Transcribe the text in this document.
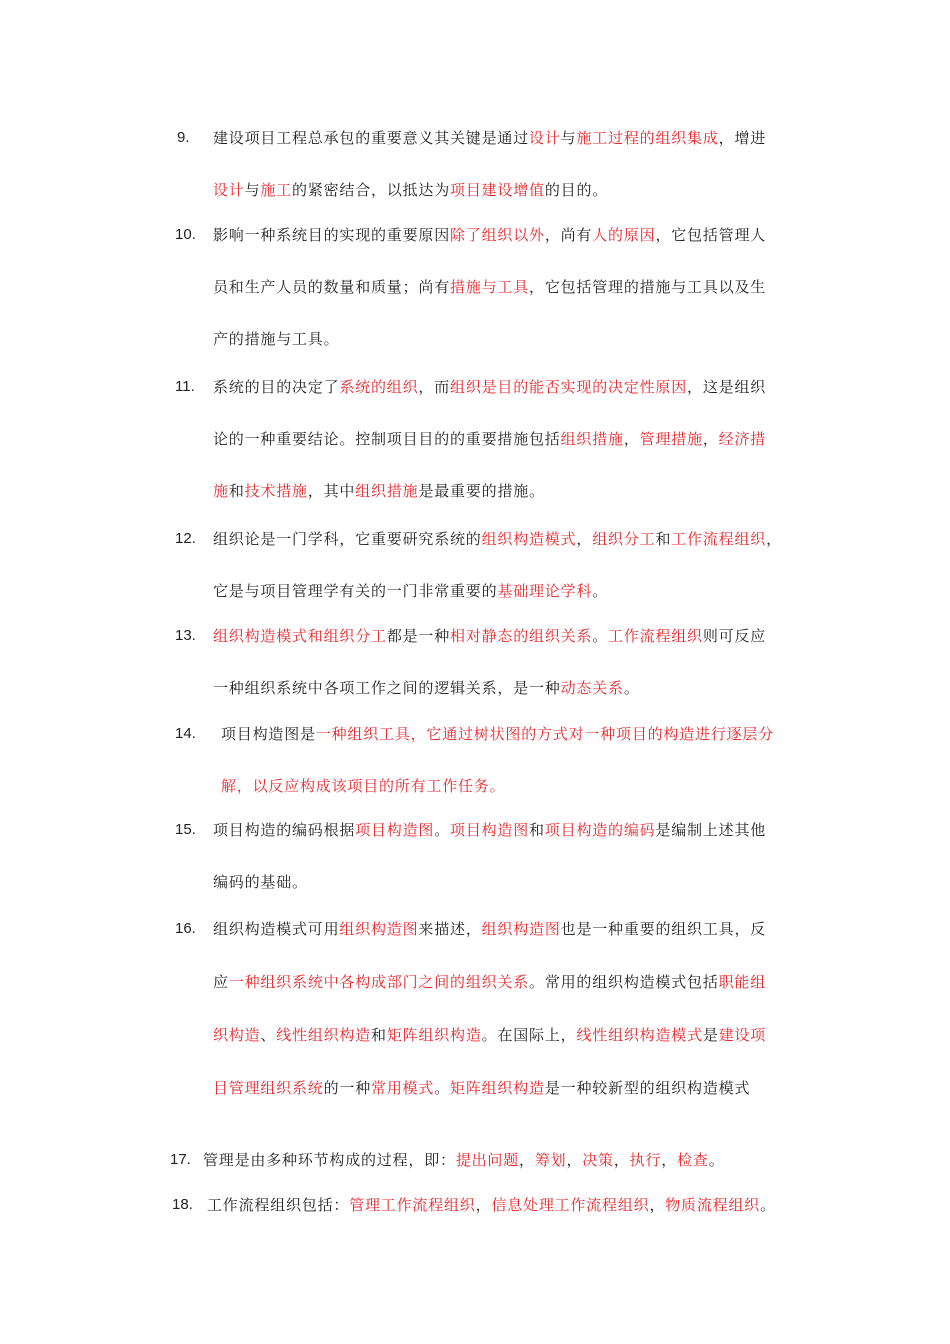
9. 建设项目工程总承包的重要意义其关键是通过设计与施工过程的组织集成，增进
设计与施工的紧密结合，以抵达为项目建设增值的目的。
10. 影响一种系统目的实现的重要原因除了组织以外，尚有人的原因，它包括管理人
员和生产人员的数量和质量；尚有措施与工具，它包括管理的措施与工具以及生
产的措施与工具。
11. 系统的目的决定了系统的组织，而组织是目的能否实现的决定性原因，这是组织
论的一种重要结论。控制项目目的的重要措施包括组织措施，管理措施，经济措
施和技术措施，其中组织措施是最重要的措施。
12. 组织论是一门学科，它重要研究系统的组织构造模式，组织分工和工作流程组织，
它是与项目管理学有关的一门非常重要的基础理论学科。
13. 组织构造模式和组织分工都是一种相对静态的组织关系。工作流程组织则可反应
一种组织系统中各项工作之间的逻辑关系，是一种动态关系。
14. 项目构造图是一种组织工具，它通过树状图的方式对一种项目的构造进行逐层分
解，以反应构成该项目的所有工作任务。
15. 项目构造的编码根据项目构造图。项目构造图和项目构造的编码是编制上述其他
编码的基础。
16. 组织构造模式可用组织构造图来描述，组织构造图也是一种重要的组织工具，反
应一种组织系统中各构成部门之间的组织关系。常用的组织构造模式包括职能组
织构造、线性组织构造和矩阵组织构造。在国际上，线性组织构造模式是建设项
目管理组织系统的一种常用模式。矩阵组织构造是一种较新型的组织构造模式
17. 管理是由多种环节构成的过程，即：提出问题，筹划，决策，执行，检查。
18. 工作流程组织包括：管理工作流程组织，信息处理工作流程组织，物质流程组织。
